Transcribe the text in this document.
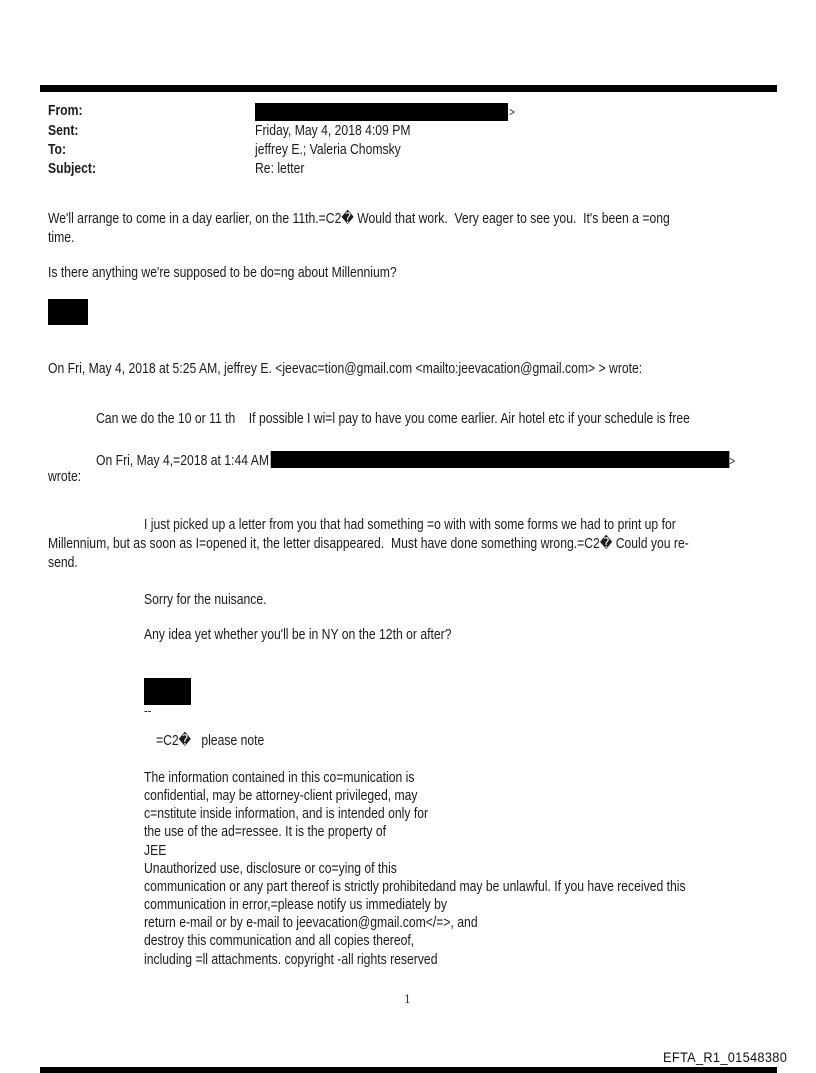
From:	>
Sent:	Friday, May 4, 2018 4:09 PM
To:	jeffrey E.; Valeria Chomsky
Subject:	Re: letter
We'll arrange to come in a day earlier, on the 11th.=C2� Would that work.  Very eager to see you.  It's been a =ong
time.
Is there anything we're supposed to be do=ng about Millennium?
On Fri, May 4, 2018 at 5:25 AM, jeffrey E. <jeevac=tion@gmail.com <mailto:jeevacation@gmail.com> > wrote:
Can we do the 10 or 11 th    If possible I wi=l pay to have you come earlier. Air hotel etc if your schedule is free
On Fri, May 4,=2018 at 1:44 AM	>
wrote:
I just picked up a letter from you that had something =o with with some forms we had to print up for
Millennium, but as soon as I=opened it, the letter disappeared.  Must have done something wrong.=C2� Could you re-
send.
Sorry for the nuisance.
Any idea yet whether you'll be in NY on the 12th or after?
--
=C2�   please note
The information contained in this co=munication is
confidential, may be attorney-client privileged, may
c=nstitute inside information, and is intended only for
the use of the ad=ressee. It is the property of
JEE
Unauthorized use, disclosure or co=ying of this
communication or any part thereof is strictly prohibitedand may be unlawful. If you have received this
communication in error,=please notify us immediately by
return e-mail or by e-mail to jeevacation@gmail.com</=>, and
destroy this communication and all copies thereof,
including =ll attachments. copyright -all rights reserved
1
EFTA_R1_01548380
